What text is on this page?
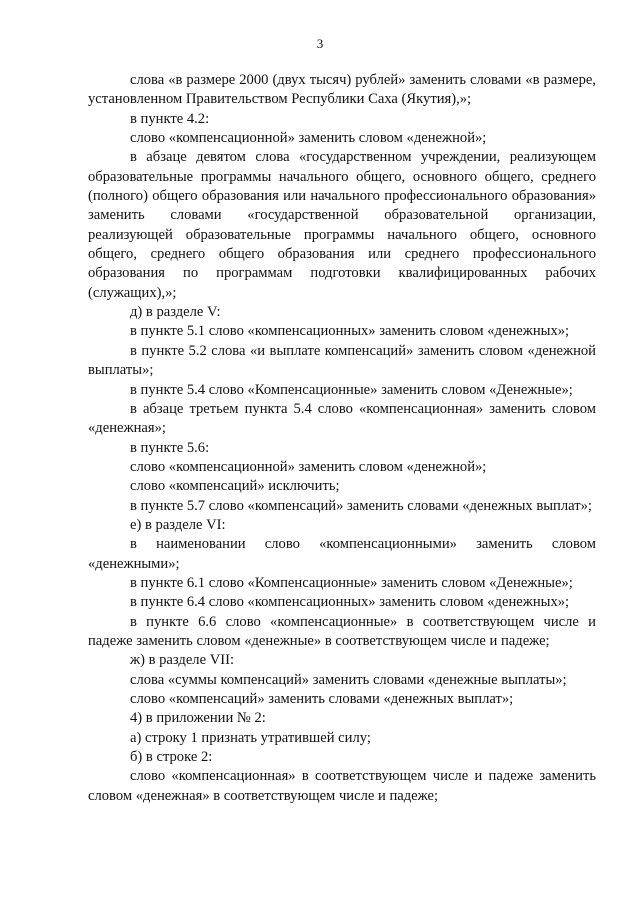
3

слова «в размере 2000 (двух тысяч) рублей» заменить словами «в размере, установленном Правительством Республики Саха (Якутия),»;

в пункте 4.2:

слово «компенсационной» заменить словом «денежной»;

в абзаце девятом слова «государственном учреждении, реализующем образовательные программы начального общего, основного общего, среднего (полного) общего образования или начального профессионального образования» заменить словами «государственной образовательной организации, реализующей образовательные программы начального общего, основного общего, среднего общего образования или среднего профессионального образования по программам подготовки квалифицированных рабочих (служащих),»;

д) в разделе V:

в пункте 5.1 слово «компенсационных» заменить словом «денежных»;

в пункте 5.2 слова «и выплате компенсаций» заменить словом «денежной выплаты»;

в пункте 5.4 слово «Компенсационные» заменить словом «Денежные»;

в абзаце третьем пункта 5.4 слово «компенсационная» заменить словом «денежная»;

в пункте 5.6:

слово «компенсационной» заменить словом «денежной»;

слово «компенсаций» исключить;

в пункте 5.7 слово «компенсаций» заменить словами «денежных выплат»;

е) в разделе VI:

в наименовании слово «компенсационными» заменить словом «денежными»;

в пункте 6.1 слово «Компенсационные» заменить словом «Денежные»;

в пункте 6.4 слово «компенсационных» заменить словом «денежных»;

в пункте 6.6 слово «компенсационные» в соответствующем числе и падеже заменить словом «денежные» в соответствующем числе и падеже;

ж) в разделе VII:

слова «суммы компенсаций» заменить словами «денежные выплаты»;

слово «компенсаций» заменить словами «денежных выплат»;

4) в приложении № 2:

а) строку 1 признать утратившей силу;

б) в строке 2:

слово «компенсационная» в соответствующем числе и падеже заменить словом «денежная» в соответствующем числе и падеже;
